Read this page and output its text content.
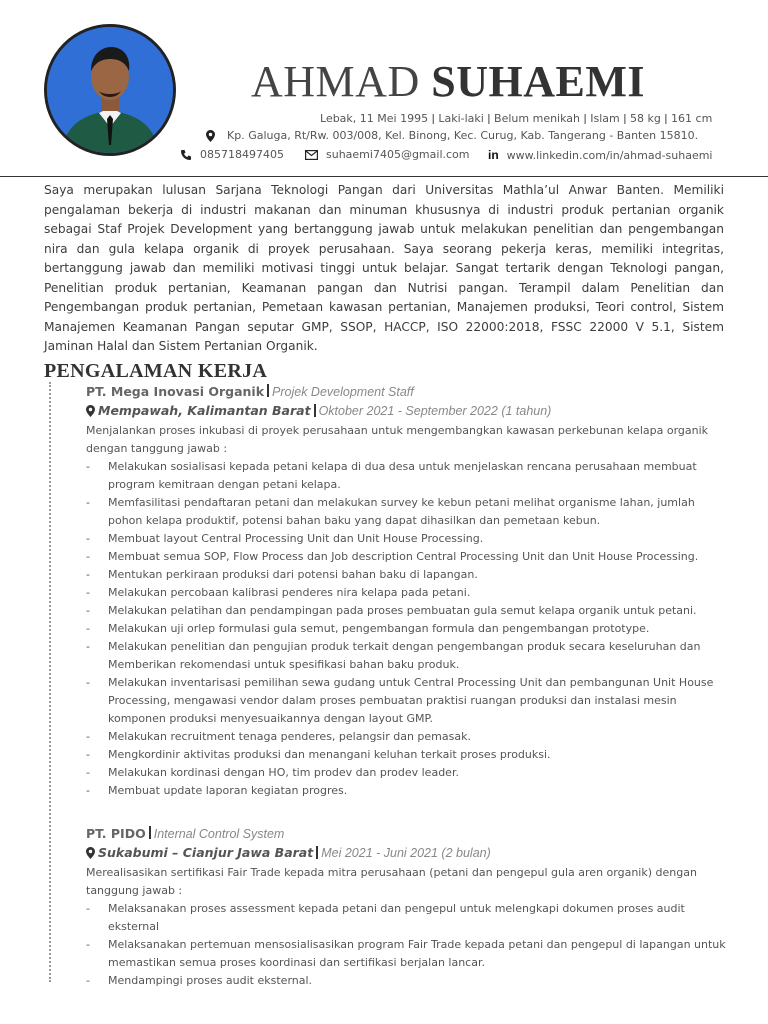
AHMAD SUHAEMI
Lebak, 11 Mei 1995 ǀ Laki-laki ǀ Belum menikah ǀ Islam ǀ 58 kg ǀ 161 cm
Kp. Galuga, Rt/Rw. 003/008, Kel. Binong, Kec. Curug, Kab. Tangerang - Banten 15810.
085718497405	suhaemi7405@gmail.com in www.linkedin.com/in/ahmad-suhaemi
Saya merupakan lulusan Sarjana Teknologi Pangan dari Universitas Mathla’ul Anwar Banten. Memiliki pengalaman bekerja di industri makanan dan minuman khususnya di industri produk pertanian organik sebagai Staf Projek Development yang bertanggung jawab untuk melakukan penelitian dan pengembangan nira dan gula kelapa organik di proyek perusahaan. Saya seorang pekerja keras, memiliki integritas, bertanggung jawab dan memiliki motivasi tinggi untuk belajar. Sangat tertarik dengan Teknologi pangan, Penelitian produk pertanian, Keamanan pangan dan Nutrisi pangan. Terampil dalam Penelitian dan Pengembangan produk pertanian, Pemetaan kawasan pertanian, Manajemen produksi, Teori control, Sistem Manajemen Keamanan Pangan seputar GMP, SSOP, HACCP, ISO 22000:2018, FSSC 22000 V 5.1, Sistem Jaminan Halal dan Sistem Pertanian Organik.
PENGALAMAN KERJA
PT. Mega Inovasi Organik Projek Development Staff
Mempawah, Kalimantan Barat Oktober 2021 - September 2022 (1 tahun)
Menjalankan proses inkubasi di proyek perusahaan untuk mengembangkan kawasan perkebunan kelapa organik dengan tanggung jawab :
- Melakukan sosialisasi kepada petani kelapa di dua desa untuk menjelaskan rencana perusahaan membuat program kemitraan dengan petani kelapa.
- Memfasilitasi pendaftaran petani dan melakukan survey ke kebun petani melihat organisme lahan, jumlah pohon kelapa produktif, potensi bahan baku yang dapat dihasilkan dan pemetaan kebun.
- Membuat layout Central Processing Unit dan Unit House Processing.
- Membuat semua SOP, Flow Process dan Job description Central Processing Unit dan Unit House Processing.
- Mentukan perkiraan produksi dari potensi bahan baku di lapangan.
- Melakukan percobaan kalibrasi penderes nira kelapa pada petani.
- Melakukan pelatihan dan pendampingan pada proses pembuatan gula semut kelapa organik untuk petani.
- Melakukan uji orlep formulasi gula semut, pengembangan formula dan pengembangan prototype.
- Melakukan penelitian dan pengujian produk terkait dengan pengembangan produk secara keseluruhan dan Memberikan rekomendasi untuk spesifikasi bahan baku produk.
- Melakukan inventarisasi pemilihan sewa gudang untuk Central Processing Unit dan pembangunan Unit House Processing, mengawasi vendor dalam proses pembuatan praktisi ruangan produksi dan instalasi mesin komponen produksi menyesuaikannya dengan layout GMP.
- Melakukan recruitment tenaga penderes, pelangsir dan pemasak.
- Mengkordinir aktivitas produksi dan menangani keluhan terkait proses produksi.
- Melakukan kordinasi dengan HO, tim prodev dan prodev leader.
- Membuat update laporan kegiatan progres.
PT. PIDO Internal Control System
Sukabumi – Cianjur Jawa Barat Mei 2021 - Juni 2021 (2 bulan)
Merealisasikan sertifikasi Fair Trade kepada mitra perusahaan (petani dan pengepul gula aren organik) dengan tanggung jawab :
- Melaksanakan proses assessment kepada petani dan pengepul untuk melengkapi dokumen proses audit eksternal
- Melaksanakan pertemuan mensosialisasikan program Fair Trade kepada petani dan pengepul di lapangan untuk memastikan semua proses koordinasi dan sertifikasi berjalan lancar.
- Mendampingi proses audit eksternal.
